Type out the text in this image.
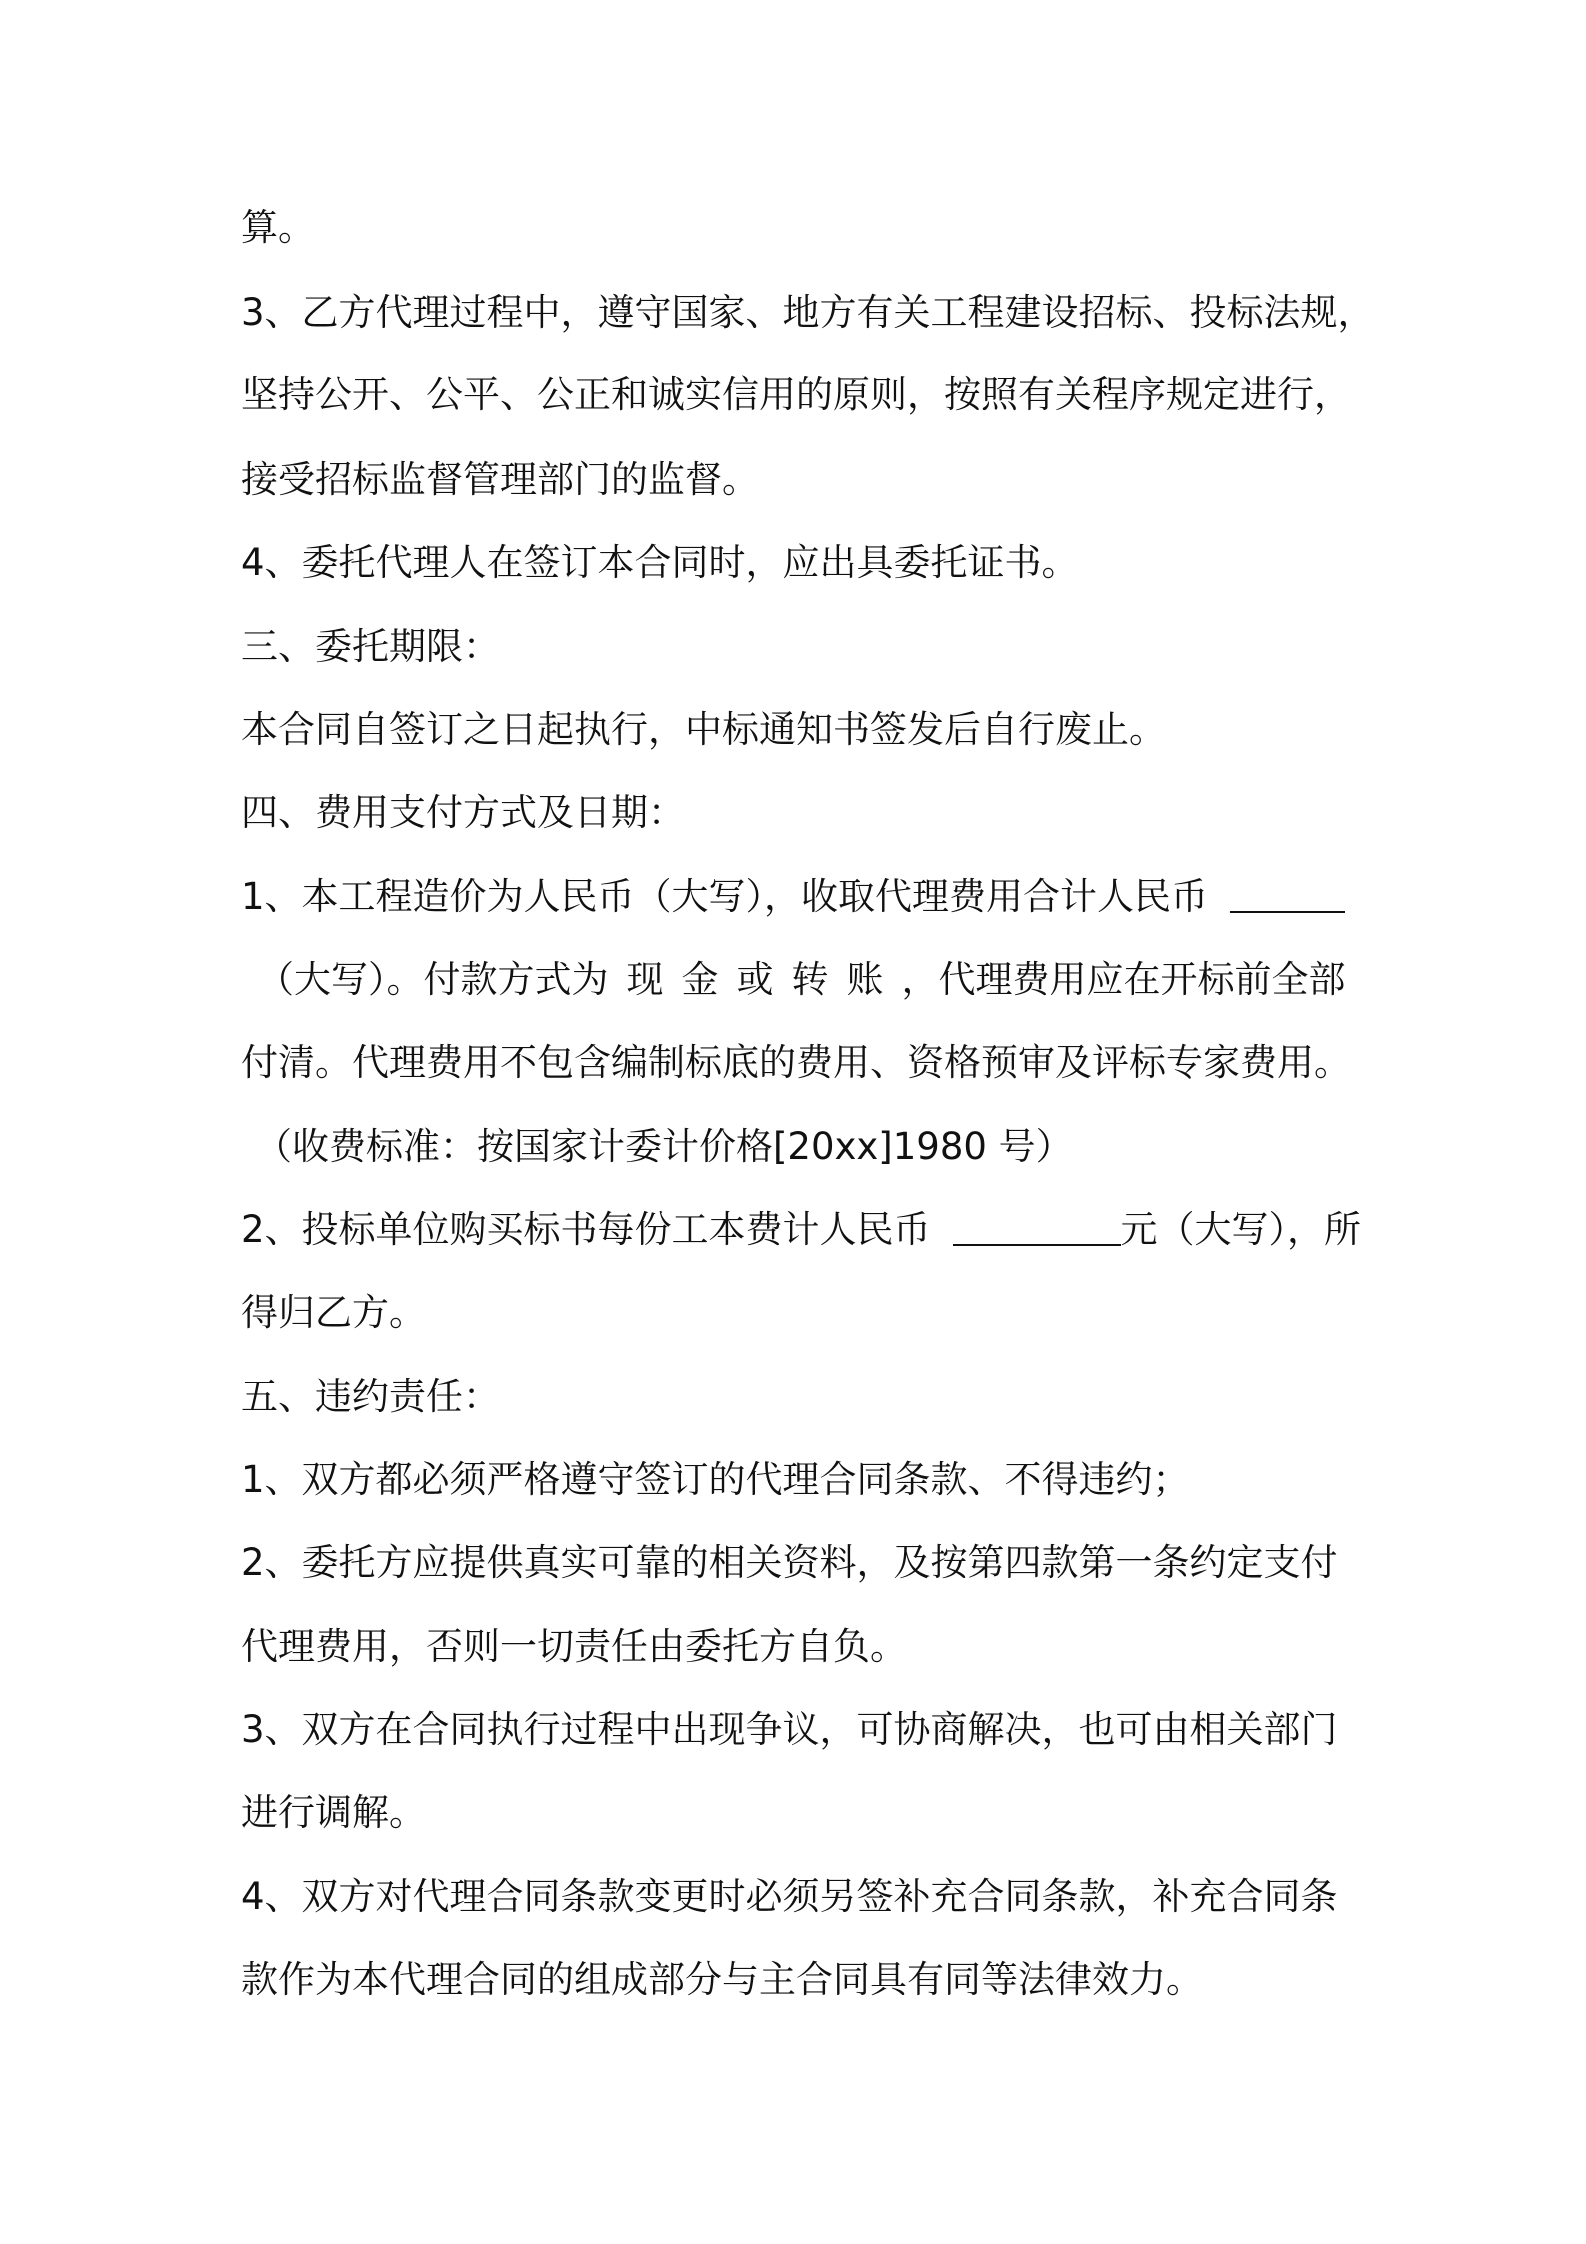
算。

3、乙方代理过程中，遵守国家、地方有关工程建设招标、投标法规，

坚持公开、公平、公正和诚实信用的原则，按照有关程序规定进行，

接受招标监督管理部门的监督。

4、委托代理人在签订本合同时，应出具委托证书。

三、委托期限：

本合同自签订之日起执行，中标通知书签发后自行废止。

四、费用支付方式及日期：

1、本工程造价为人民币（大写），收取代理费用合计人民币

（大写）。付款方式为 现金或转账，代理费用应在开标前全部

付清。代理费用不包含编制标底的费用、资格预审及评标专家费用。

（收费标准：按国家计委计价格[20xx]1980 号）

2、投标单位购买标书每份工本费计人民币	元（大写），所

得归乙方。

五、违约责任：

1、双方都必须严格遵守签订的代理合同条款、不得违约；

2、委托方应提供真实可靠的相关资料，及按第四款第一条约定支付

代理费用，否则一切责任由委托方自负。

3、双方在合同执行过程中出现争议，可协商解决，也可由相关部门

进行调解。

4、双方对代理合同条款变更时必须另签补充合同条款，补充合同条

款作为本代理合同的组成部分与主合同具有同等法律效力。
